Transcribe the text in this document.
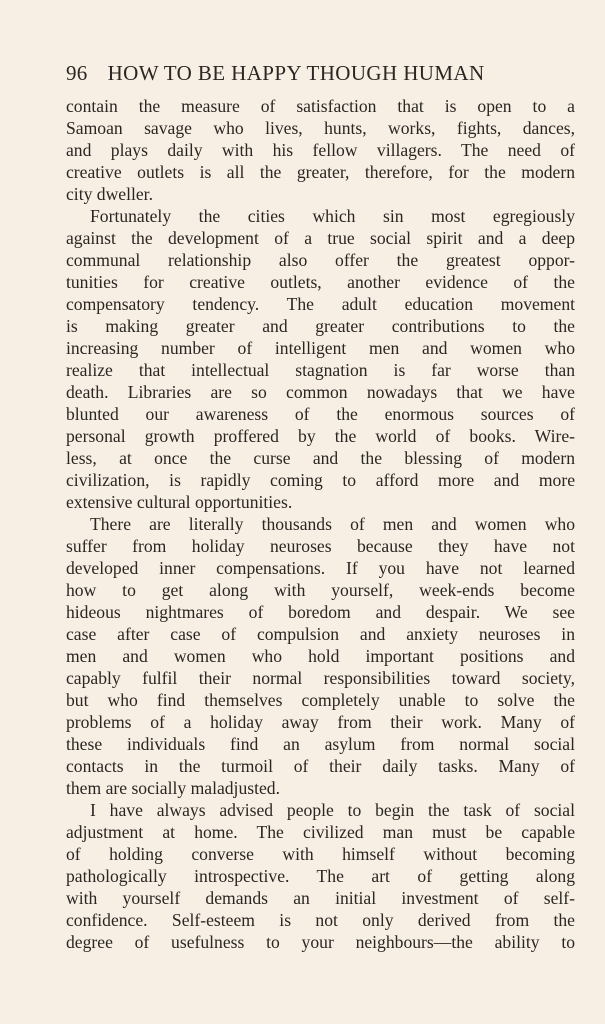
96 HOW TO BE HAPPY THOUGH HUMAN
contain the measure of satisfaction that is open to a
Samoan savage who lives, hunts, works, fights, dances,
and plays daily with his fellow villagers. The need of
creative outlets is all the greater, therefore, for the modern
city dweller.
Fortunately the cities which sin most egregiously
against the development of a true social spirit and a deep
communal relationship also offer the greatest oppor-
tunities for creative outlets, another evidence of the
compensatory tendency. The adult education movement
is making greater and greater contributions to the
increasing number of intelligent men and women who
realize that intellectual stagnation is far worse than
death. Libraries are so common nowadays that we have
blunted our awareness of the enormous sources of
personal growth proffered by the world of books. Wire-
less, at once the curse and the blessing of modern
civilization, is rapidly coming to afford more and more
extensive cultural opportunities.
There are literally thousands of men and women who
suffer from holiday neuroses because they have not
developed inner compensations. If you have not learned
how to get along with yourself, week-ends become
hideous nightmares of boredom and despair. We see
case after case of compulsion and anxiety neuroses in
men and women who hold important positions and
capably fulfil their normal responsibilities toward society,
but who find themselves completely unable to solve the
problems of a holiday away from their work. Many of
these individuals find an asylum from normal social
contacts in the turmoil of their daily tasks. Many of
them are socially maladjusted.
I have always advised people to begin the task of social
adjustment at home. The civilized man must be capable
of holding converse with himself without becoming
pathologically introspective. The art of getting along
with yourself demands an initial investment of self-
confidence. Self-esteem is not only derived from the
degree of usefulness to your neighbours—the ability to
